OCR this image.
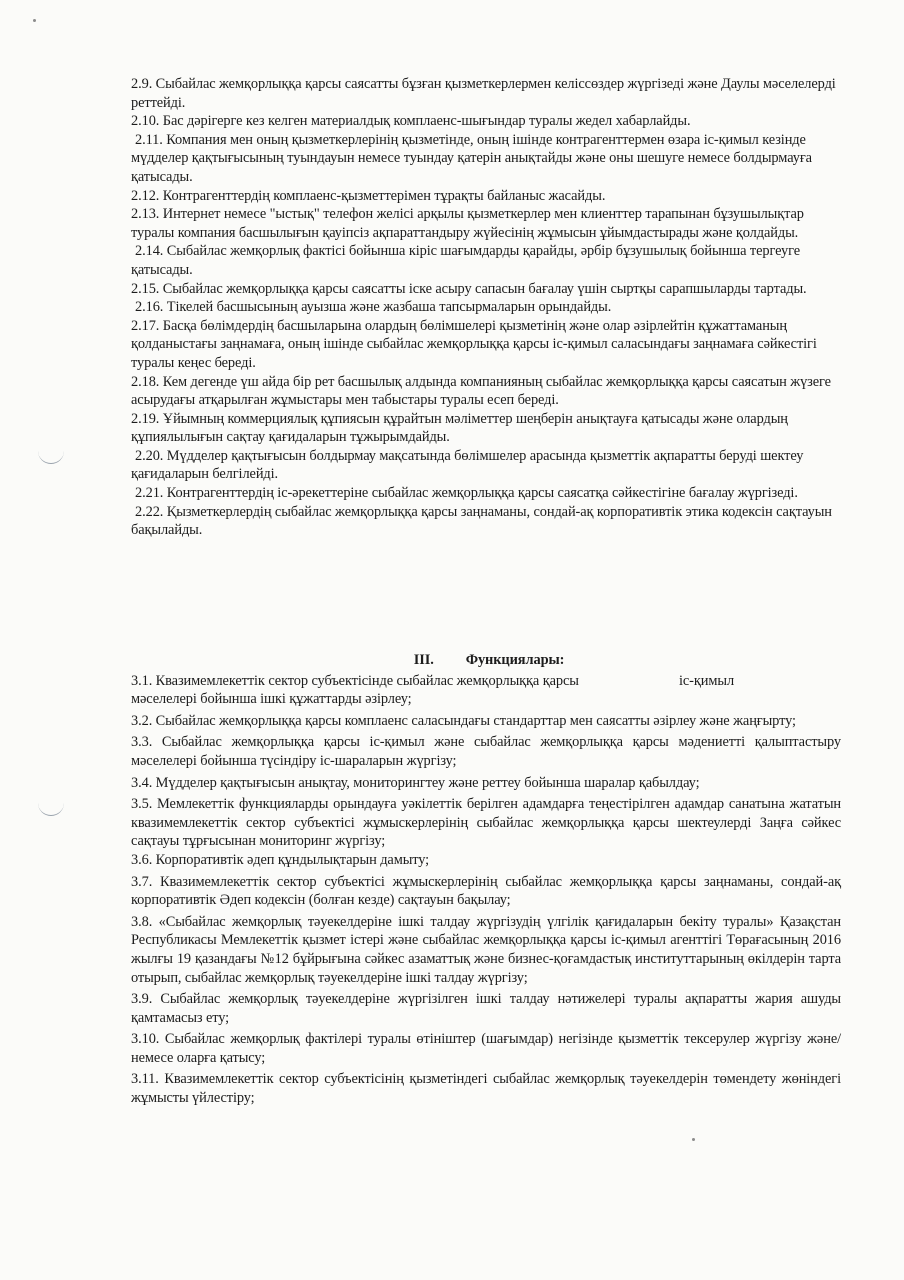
2.9. Сыбайлас жемқорлыққа қарсы саясатты бұзған қызметкерлермен келіссөздер жүргізеді және Даулы мәселелерді реттейді.

2.10. Бас дәрігерге кез келген материалдық комплаенс-шығындар туралы жедел хабарлайды.

2.11. Компания мен оның қызметкерлерінің қызметінде, оның ішінде контрагенттермен өзара іс-қимыл кезінде мүдделер қақтығысының туындауын немесе туындау қатерін анықтайды және оны шешуге немесе болдырмауға қатысады.

2.12. Контрагенттердің комплаенс-қызметтерімен тұрақты байланыс жасайды.

2.13. Интернет немесе "ыстық" телефон желісі арқылы қызметкерлер мен клиенттер тарапынан бұзушылықтар туралы компания басшылығын қауіпсіз ақпараттандыру жүйесінің жұмысын ұйымдастырады және қолдайды.

2.14. Сыбайлас жемқорлық фактісі бойынша кіріс шағымдарды қарайды, әрбір бұзушылық бойынша тергеуге қатысады.

2.15. Сыбайлас жемқорлыққа қарсы саясатты іске асыру сапасын бағалау үшін сыртқы сарапшыларды тартады.

2.16. Тікелей басшысының ауызша және жазбаша тапсырмаларын орындайды.

2.17. Басқа бөлімдердің басшыларына олардың бөлімшелері қызметінің және олар әзірлейтін құжаттаманың қолданыстағы заңнамаға, оның ішінде сыбайлас жемқорлыққа қарсы іс-қимыл саласындағы заңнамаға сәйкестігі туралы кеңес береді.

2.18. Кем дегенде үш айда бір рет басшылық алдында компанияның сыбайлас жемқорлыққа қарсы саясатын жүзеге асырудағы атқарылған жұмыстары мен табыстары туралы есеп береді.

2.19. Ұйымның коммерциялық құпиясын құрайтын мәліметтер шеңберін анықтауға қатысады және олардың құпиялылығын сақтау қағидаларын тұжырымдайды.

2.20. Мүдделер қақтығысын болдырмау мақсатында бөлімшелер арасында қызметтік ақпаратты беруді шектеу қағидаларын белгілейді.

2.21. Контрагенттердің іс-әрекеттеріне сыбайлас жемқорлыққа қарсы саясатқа сәйкестігіне бағалау жүргізеді.

2.22. Қызметкерлердің сыбайлас жемқорлыққа қарсы заңнаманы, сондай-ақ корпоративтік этика кодексін сақтауын бақылайды.

III. Функциялары:

3.1. Квазимемлекеттік сектор субъектісінде сыбайлас жемқорлыққа қарсы	іс-қимыл
мәселелері бойынша ішкі құжаттарды әзірлеу;

3.2. Сыбайлас жемқорлыққа қарсы комплаенс саласындағы стандарттар мен саясатты әзірлеу және жаңғырту;

3.3. Сыбайлас жемқорлыққа қарсы іс-қимыл және сыбайлас жемқорлыққа қарсы мәдениетті қалыптастыру мәселелері бойынша түсіндіру іс-шараларын жүргізу;

3.4. Мүдделер қақтығысын анықтау, мониторингтеу және реттеу бойынша шаралар қабылдау;

3.5. Мемлекеттік функцияларды орындауға уәкілеттік берілген адамдарға теңестірілген адамдар санатына жататын квазимемлекеттік сектор субъектісі жұмыскерлерінің сыбайлас жемқорлыққа қарсы шектеулерді Заңға сәйкес сақтауы тұрғысынан мониторинг жүргізу;

3.6. Корпоративтік әдеп құндылықтарын дамыту;

3.7. Квазимемлекеттік сектор субъектісі жұмыскерлерінің сыбайлас жемқорлыққа қарсы заңнаманы, сондай-ақ корпоративтік Әдеп кодексін (болған кезде) сақтауын бақылау;

3.8. «Сыбайлас жемқорлық тәуекелдеріне ішкі талдау жүргізудің үлгілік қағидаларын бекіту туралы» Қазақстан Республикасы Мемлекеттік қызмет істері және сыбайлас жемқорлыққа қарсы іс-қимыл агенттігі Төрағасының 2016 жылғы 19 қазандағы №12 бұйрығына сәйкес азаматтық және бизнес-қоғамдастық институттарының өкілдерін тарта отырып, сыбайлас жемқорлық тәуекелдеріне ішкі талдау жүргізу;

3.9. Сыбайлас жемқорлық тәуекелдеріне жүргізілген ішкі талдау нәтижелері туралы ақпаратты жария ашуды қамтамасыз ету;

3.10. Сыбайлас жемқорлық фактілері туралы өтініштер (шағымдар) негізінде қызметтік тексерулер жүргізу және/немесе оларға қатысу;

3.11. Квазимемлекеттік сектор субъектісінің қызметіндегі сыбайлас жемқорлық тәуекелдерін төмендету жөніндегі жұмысты үйлестіру;
